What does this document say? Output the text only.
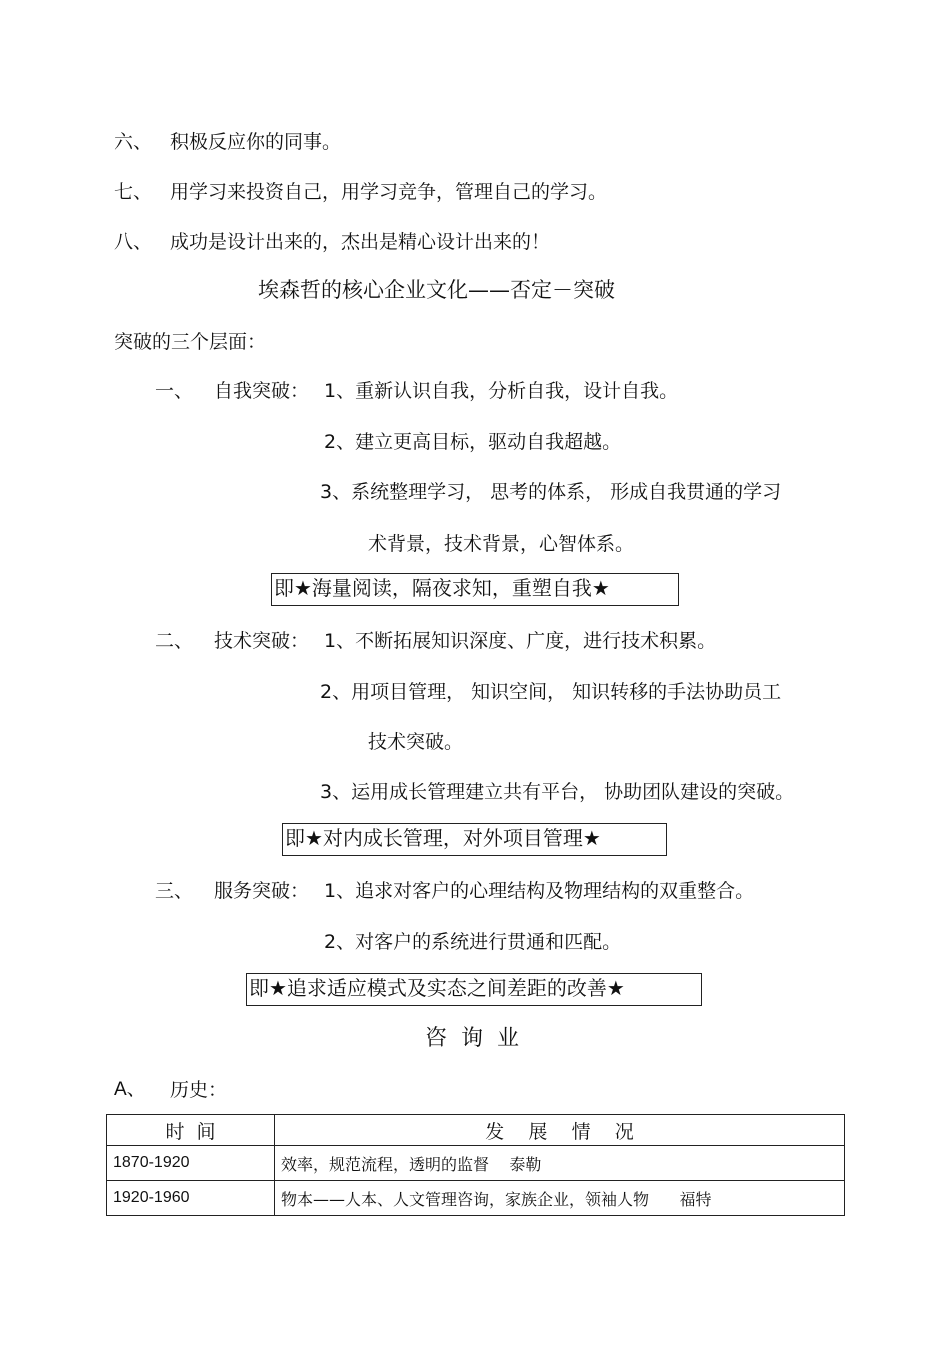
六、 积极反应你的同事。
七、 用学习来投资自己，用学习竞争，管理自己的学习。
八、 成功是设计出来的，杰出是精心设计出来的！
埃森哲的核心企业文化——否定－突破
突破的三个层面：
一、 自我突破： 1、重新认识自我，分析自我，设计自我。
2、建立更高目标，驱动自我超越。
3、系统整理学习， 思考的体系， 形成自我贯通的学习
术背景，技术背景，心智体系。
即★海量阅读，隔夜求知，重塑自我★
二、 技术突破： 1、不断拓展知识深度、广度，进行技术积累。
2、用项目管理， 知识空间， 知识转移的手法协助员工
技术突破。
3、运用成长管理建立共有平台， 协助团队建设的突破。
即★对内成长管理，对外项目管理★
三、 服务突破： 1、追求对客户的心理结构及物理结构的双重整合。
2、对客户的系统进行贯通和匹配。
即★追求适应模式及实态之间差距的改善★
咨  询  业
A、 历史：
时  间	发    展    情    况
1870-1920	效率，规范流程，透明的监督    泰勒
1920-1960	物本——人本、人文管理咨询，家族企业，领袖人物      福特
